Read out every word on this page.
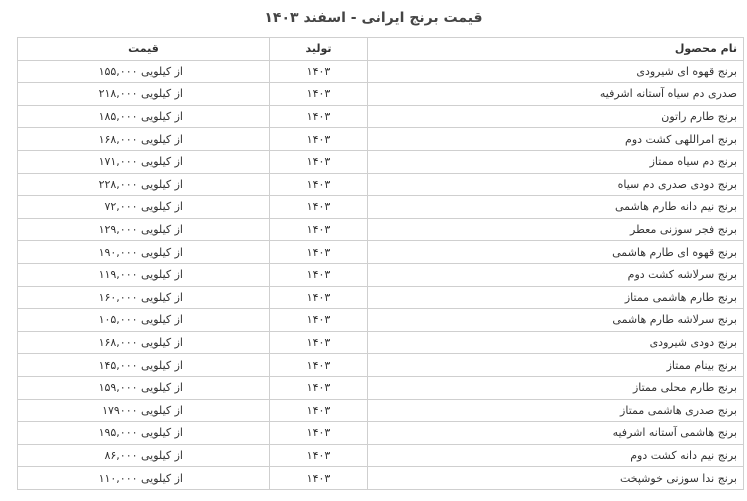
قیمت برنج ایرانی - اسفند ۱۴۰۳
نام محصول	تولید	قیمت
برنج قهوه ای شیرودی	۱۴۰۳	از کیلویی ۱۵۵,۰۰۰
صدری دم سیاه آستانه اشرفیه	۱۴۰۳	از کیلویی ۲۱۸,۰۰۰
برنج طارم راتون	۱۴۰۳	از کیلویی ۱۸۵,۰۰۰
برنج امراللهی کشت دوم	۱۴۰۳	از کیلویی ۱۶۸,۰۰۰
برنج دم سیاه ممتاز	۱۴۰۳	از کیلویی ۱۷۱,۰۰۰
برنج دودی صدری دم سیاه	۱۴۰۳	از کیلویی ۲۲۸,۰۰۰
برنج نیم دانه طارم هاشمی	۱۴۰۳	از کیلویی ۷۲,۰۰۰
برنج فجر سوزنی معطر	۱۴۰۳	از کیلویی ۱۲۹,۰۰۰
برنج قهوه ای طارم هاشمی	۱۴۰۳	از کیلویی ۱۹۰,۰۰۰
برنج سرلاشه کشت دوم	۱۴۰۳	از کیلویی ۱۱۹,۰۰۰
برنج طارم هاشمی ممتاز	۱۴۰۳	از کیلویی ۱۶۰,۰۰۰
برنج سرلاشه طارم هاشمی	۱۴۰۳	از کیلویی ۱۰۵,۰۰۰
برنج دودی شیرودی	۱۴۰۳	از کیلویی ۱۶۸,۰۰۰
برنج بینام ممتاز	۱۴۰۳	از کیلویی ۱۴۵,۰۰۰
برنج طارم محلی ممتاز	۱۴۰۳	از کیلویی ۱۵۹,۰۰۰
برنج صدری هاشمی ممتاز	۱۴۰۳	از کیلویی ۱۷۹۰۰۰
برنج هاشمی آستانه اشرفیه	۱۴۰۳	از کیلویی ۱۹۵,۰۰۰
برنج نیم دانه کشت دوم	۱۴۰۳	از کیلویی ۸۶,۰۰۰
برنج ندا سوزنی خوشپخت	۱۴۰۳	از کیلویی ۱۱۰,۰۰۰
